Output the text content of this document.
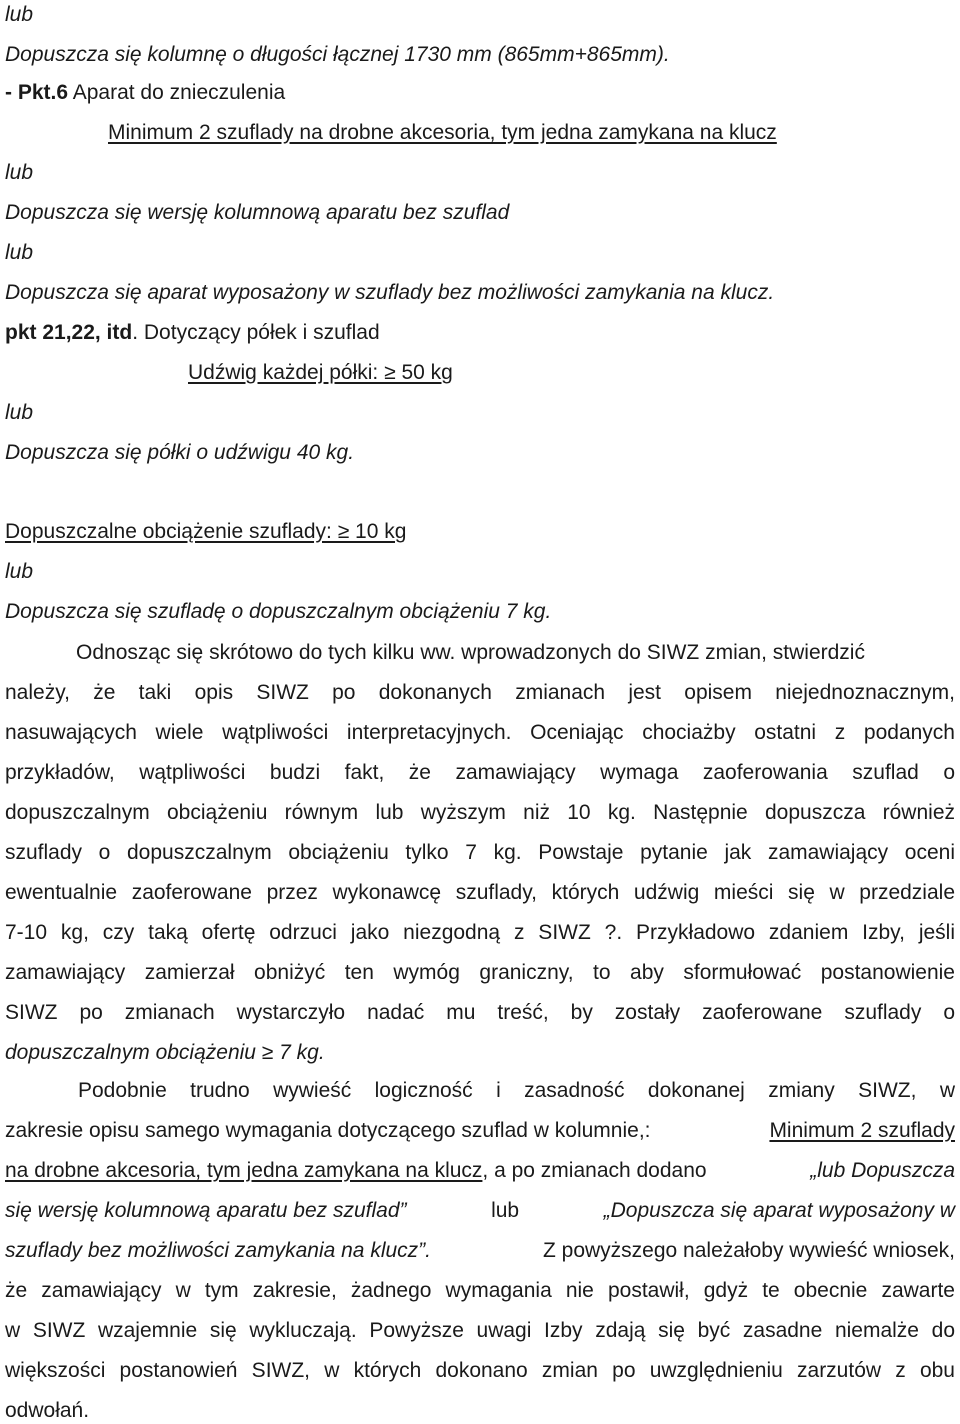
lub
Dopuszcza się kolumnę o długości łącznej 1730 mm (865mm+865mm).
- Pkt.6 Aparat do znieczulenia
Minimum 2 szuflady na drobne akcesoria, tym jedna zamykana na klucz
lub
Dopuszcza się wersję kolumnową aparatu bez szuflad
lub
Dopuszcza się aparat wyposażony w szuflady bez możliwości zamykania na klucz.
pkt 21,22, itd. Dotyczący półek i szuflad
Udźwig każdej półki: ≥ 50 kg
lub
Dopuszcza się półki o udźwigu 40 kg.
Dopuszczalne obciążenie szuflady: ≥ 10 kg
lub
Dopuszcza się szufladę o dopuszczalnym obciążeniu 7 kg.
Odnosząc się skrótowo do tych kilku ww. wprowadzonych do SIWZ zmian, stwierdzić
należy, że taki opis SIWZ po dokonanych zmianach jest opisem niejednoznacznym,
nasuwających wiele wątpliwości interpretacyjnych. Oceniając chociażby ostatni z podanych
przykładów, wątpliwości budzi fakt, że zamawiający wymaga zaoferowania szuflad o
dopuszczalnym obciążeniu równym lub wyższym niż 10 kg. Następnie dopuszcza również
szuflady o dopuszczalnym obciążeniu tylko 7 kg. Powstaje pytanie jak zamawiający oceni
ewentualnie zaoferowane przez wykonawcę szuflady, których udźwig mieści się w przedziale
7-10 kg, czy taką ofertę odrzuci jako niezgodną z SIWZ ?. Przykładowo zdaniem Izby, jeśli
zamawiający zamierzał obniżyć ten wymóg graniczny, to aby sformułować postanowienie
SIWZ po zmianach wystarczyło nadać mu treść, by zostały zaoferowane szuflady o
dopuszczalnym obciążeniu ≥ 7 kg.
Podobnie trudno wywieść logiczność i zasadność dokonanej zmiany SIWZ, w
zakresie opisu samego wymagania dotyczącego szuflad w kolumnie,:	Minimum 2 szuflady
na drobne akcesoria, tym jedna zamykana na klucz, a po zmianach dodano	„lub Dopuszcza
się wersję kolumnową aparatu bez szuflad”	lub	„Dopuszcza się aparat wyposażony w
szuflady bez możliwości zamykania na klucz”.	Z powyższego należałoby wywieść wniosek,
że zamawiający w tym zakresie, żadnego wymagania nie postawił, gdyż te obecnie zawarte
w SIWZ wzajemnie się wykluczają. Powyższe uwagi Izby zdają się być zasadne niemalże do
większości postanowień SIWZ, w których dokonano zmian po uwzględnieniu zarzutów z obu
odwołań.
